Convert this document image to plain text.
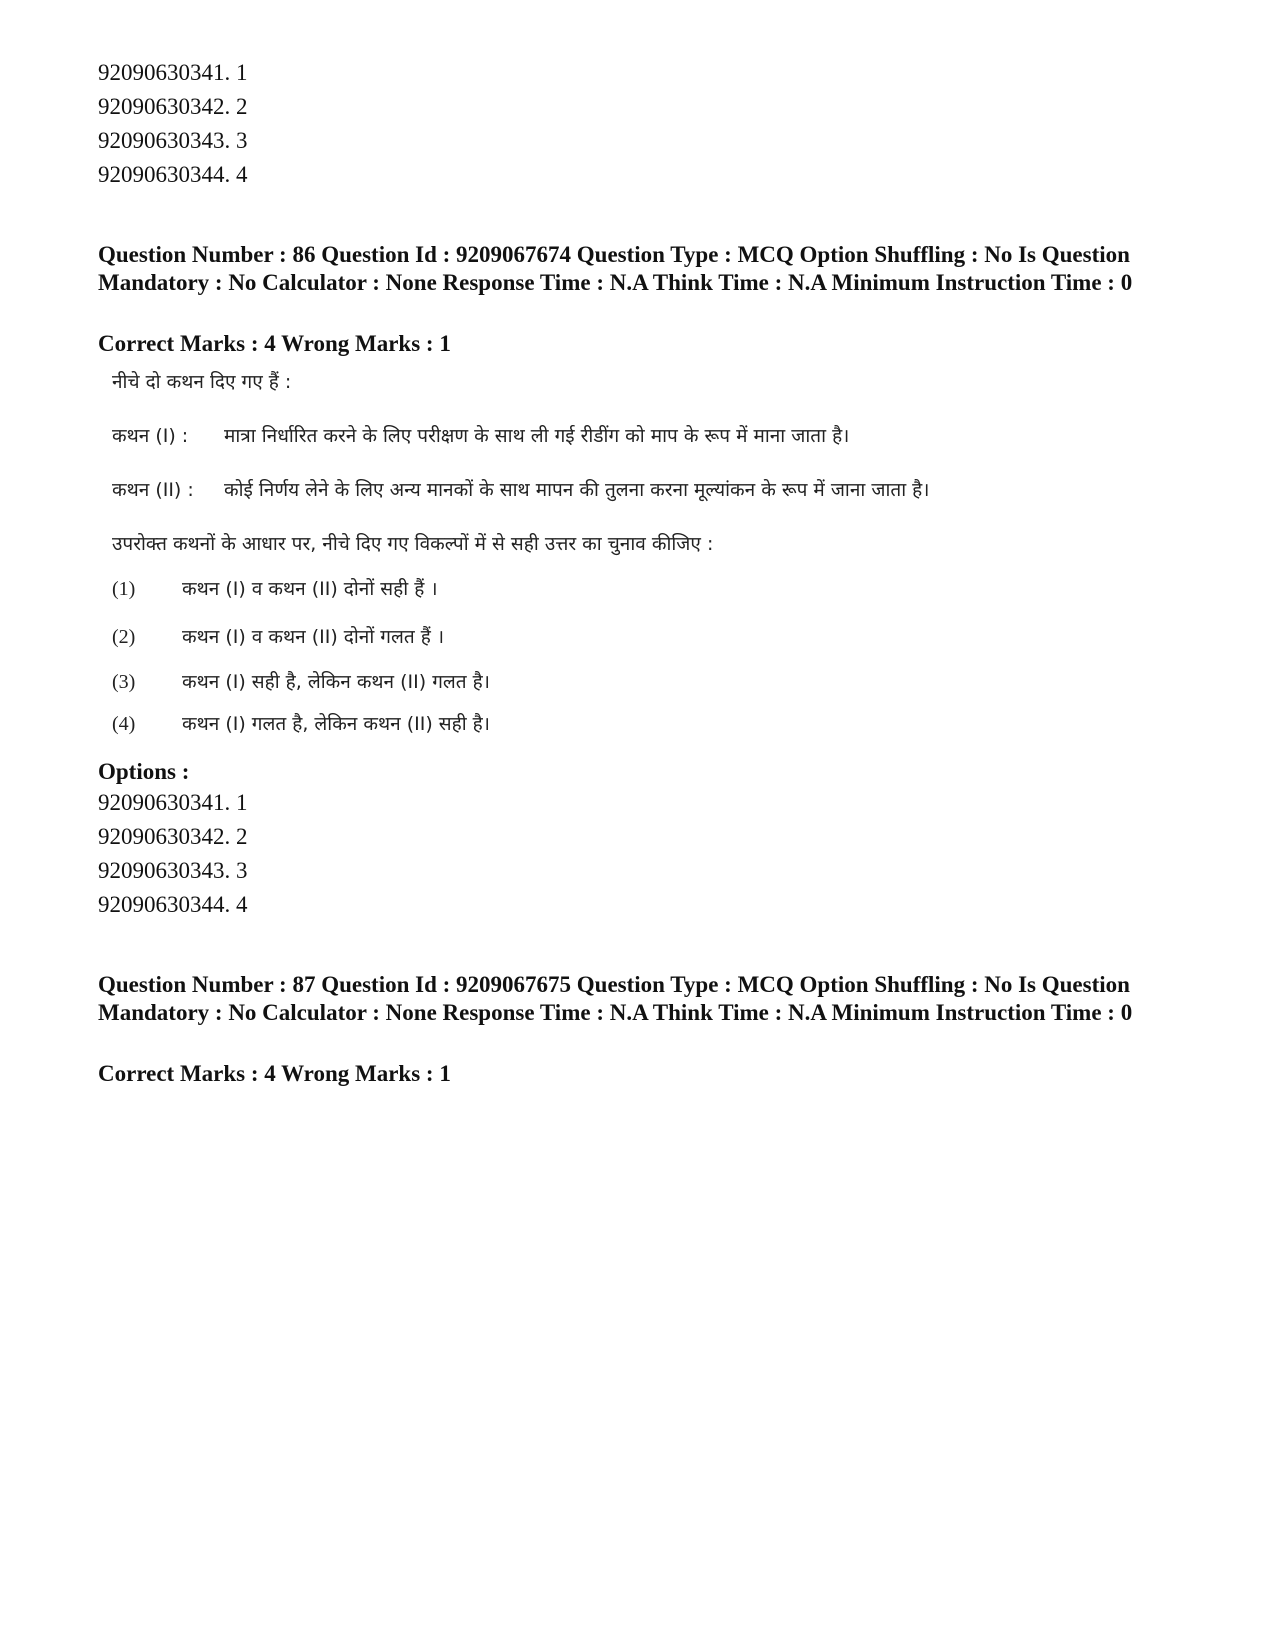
92090630341. 1
92090630342. 2
92090630343. 3
92090630344. 4
Question Number : 86 Question Id : 9209067674 Question Type : MCQ Option Shuffling : No Is Question Mandatory : No Calculator : None Response Time : N.A Think Time : N.A Minimum Instruction Time : 0
Correct Marks : 4 Wrong Marks : 1
नीचे दो कथन दिए गए हैं :
कथन (I) : मात्रा निर्धारित करने के लिए परीक्षण के साथ ली गई रीडींग को माप के रूप में माना जाता है।
कथन (II) : कोई निर्णय लेने के लिए अन्य मानकों के साथ मापन की तुलना करना मूल्यांकन के रूप में जाना जाता है।
उपरोक्त कथनों के आधार पर, नीचे दिए गए विकल्पों में से सही उत्तर का चुनाव कीजिए :
(1) कथन (I) व कथन (II) दोनों सही हैं ।
(2) कथन (I) व कथन (II) दोनों गलत हैं ।
(3) कथन (I) सही है, लेकिन कथन (II) गलत है।
(4) कथन (I) गलत है, लेकिन कथन (II) सही है।
Options :
92090630341. 1
92090630342. 2
92090630343. 3
92090630344. 4
Question Number : 87 Question Id : 9209067675 Question Type : MCQ Option Shuffling : No Is Question Mandatory : No Calculator : None Response Time : N.A Think Time : N.A Minimum Instruction Time : 0
Correct Marks : 4 Wrong Marks : 1
